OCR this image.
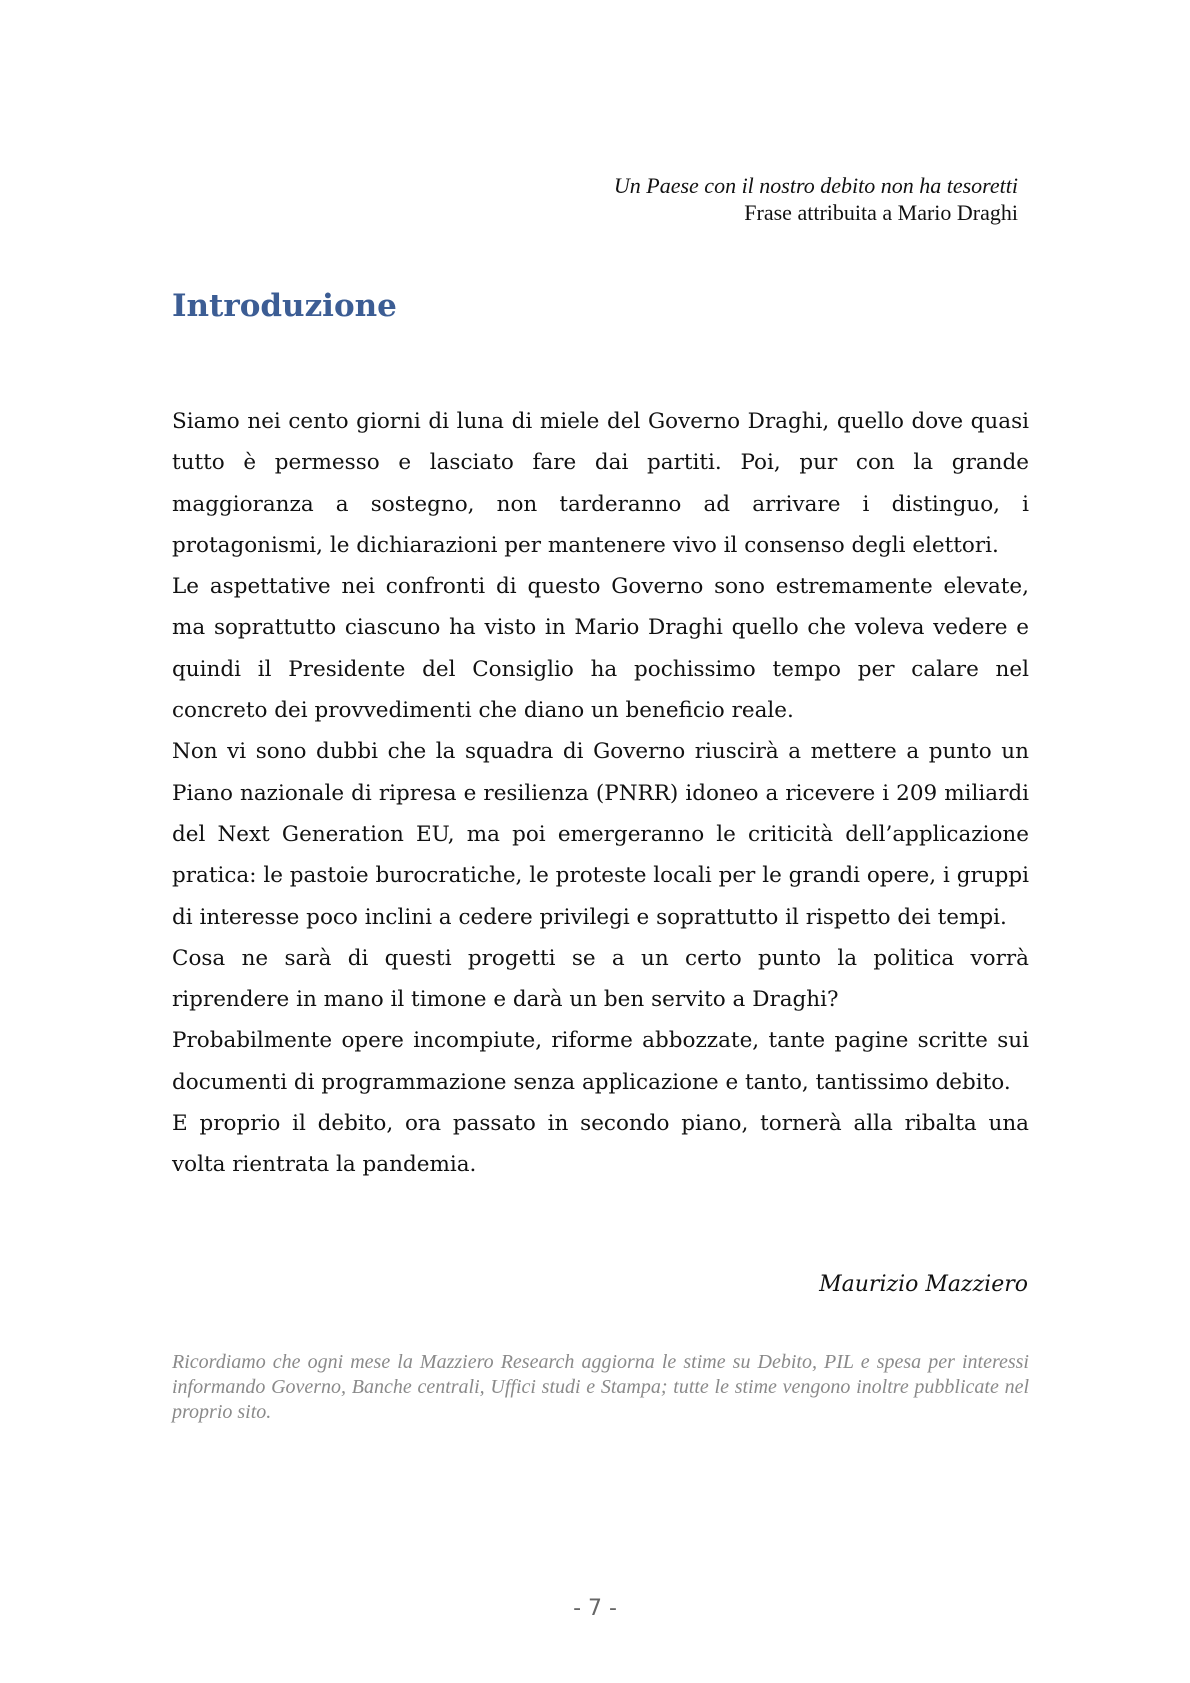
Un Paese con il nostro debito non ha tesoretti
Frase attribuita a Mario Draghi
Introduzione

Siamo nei cento giorni di luna di miele del Governo Draghi, quello dove quasi tutto è permesso e lasciato fare dai partiti. Poi, pur con la grande maggioranza a sostegno, non tarderanno ad arrivare i distinguo, i protagonismi, le dichiarazioni per mantenere vivo il consenso degli elettori.

Le aspettative nei confronti di questo Governo sono estremamente elevate, ma soprattutto ciascuno ha visto in Mario Draghi quello che voleva vedere e quindi il Presidente del Consiglio ha pochissimo tempo per calare nel concreto dei provvedimenti che diano un beneficio reale.

Non vi sono dubbi che la squadra di Governo riuscirà a mettere a punto un Piano nazionale di ripresa e resilienza (PNRR) idoneo a ricevere i 209 miliardi del Next Generation EU, ma poi emergeranno le criticità dell’applicazione pratica: le pastoie burocratiche, le proteste locali per le grandi opere, i gruppi di interesse poco inclini a cedere privilegi e soprattutto il rispetto dei tempi.

Cosa ne sarà di questi progetti se a un certo punto la politica vorrà riprendere in mano il timone e darà un ben servito a Draghi?

Probabilmente opere incompiute, riforme abbozzate, tante pagine scritte sui documenti di programmazione senza applicazione e tanto, tantissimo debito.

E proprio il debito, ora passato in secondo piano, tornerà alla ribalta una volta rientrata la pandemia.

Maurizio Mazziero
Ricordiamo che ogni mese la Mazziero Research aggiorna le stime su Debito, PIL e spesa per interessi informando Governo, Banche centrali, Uffici studi e Stampa; tutte le stime vengono inoltre pubblicate nel proprio sito.
- 7 -
